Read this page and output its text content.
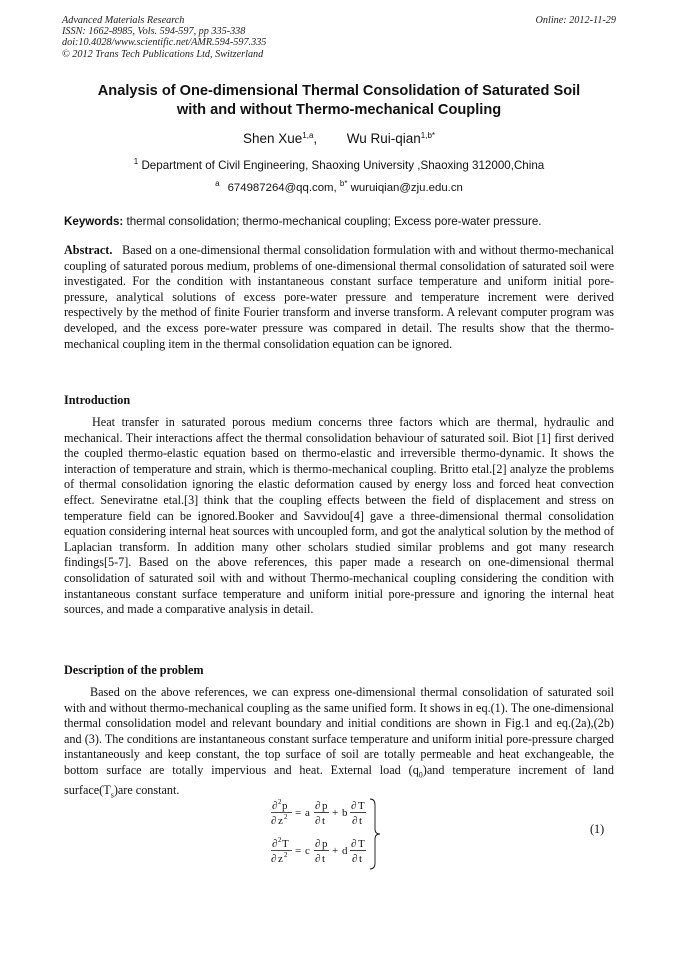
Advanced Materials Research
ISSN: 1662-8985, Vols. 594-597, pp 335-338
doi:10.4028/www.scientific.net/AMR.594-597.335
© 2012 Trans Tech Publications Ltd, Switzerland
Online: 2012-11-29
Analysis of One-dimensional Thermal Consolidation of Saturated Soil
with and without Thermo-mechanical Coupling
Shen Xue$^{1,a}$, Wu Rui-qian$^{1,b*}$
$^1$ Department of Civil Engineering, Shaoxing University ,Shaoxing 312000,China
$^a$ 674987264@qq.com, $^{b*}$ wuruiqian@zju.edu.cn
Keywords: thermal consolidation; thermo-mechanical coupling; Excess pore-water pressure.
Abstract. Based on a one-dimensional thermal consolidation formulation with and without thermo-mechanical coupling of saturated porous medium, problems of one-dimensional thermal consolidation of saturated soil were investigated. For the condition with instantaneous constant surface temperature and uniform initial pore-pressure, analytical solutions of excess pore-water pressure and temperature increment were derived respectively by the method of finite Fourier transform and inverse transform. A relevant computer program was developed, and the excess pore-water pressure was compared in detail. The results show that the thermo-mechanical coupling item in the thermal consolidation equation can be ignored.
Introduction
Heat transfer in saturated porous medium concerns three factors which are thermal, hydraulic and mechanical. Their interactions affect the thermal consolidation behaviour of saturated soil. Biot [1] first derived the coupled thermo-elastic equation based on thermo-elastic and irreversible thermo-dynamic. It shows the interaction of temperature and strain, which is thermo-mechanical coupling. Britto etal.[2] analyze the problems of thermal consolidation ignoring the elastic deformation caused by energy loss and forced heat convection effect. Seneviratne etal.[3] think that the coupling effects between the field of displacement and stress on temperature field can be ignored.Booker and Savvidou[4] gave a three-dimensional thermal consolidation equation considering internal heat sources with uncoupled form, and got the analytical solution by the method of Laplacian transform. In addition many other scholars studied similar problems and got many research findings[5-7]. Based on the above references, this paper made a research on one-dimensional thermal consolidation of saturated soil with and without Thermo-mechanical coupling considering the condition with instantaneous constant surface temperature and uniform initial pore-pressure and ignoring the internal heat sources, and made a comparative analysis in detail.
Description of the problem
Based on the above references, we can express one-dimensional thermal consolidation of saturated soil with and without thermo-mechanical coupling as the same unified form. It shows in eq.(1). The one-dimensional thermal consolidation model and relevant boundary and initial conditions are shown in Fig.1 and eq.(2a),(2b) and (3). The conditions are instantaneous constant surface temperature and uniform initial pore-pressure charged instantaneously and keep constant, the top surface of soil are totally permeable and heat exchangeable, the bottom surface are totally impervious and heat. External load $(q_0)and$ temperature increment of land $surface(T_s)are$ constant.
∂ 2 p
∂ z 2 = a
∂ p
∂ t
+ b
∂ T
∂ t
∂ 2 T
∂ z 2 = c
∂ p
∂ t
+ d
∂ T
∂ t
(1)
